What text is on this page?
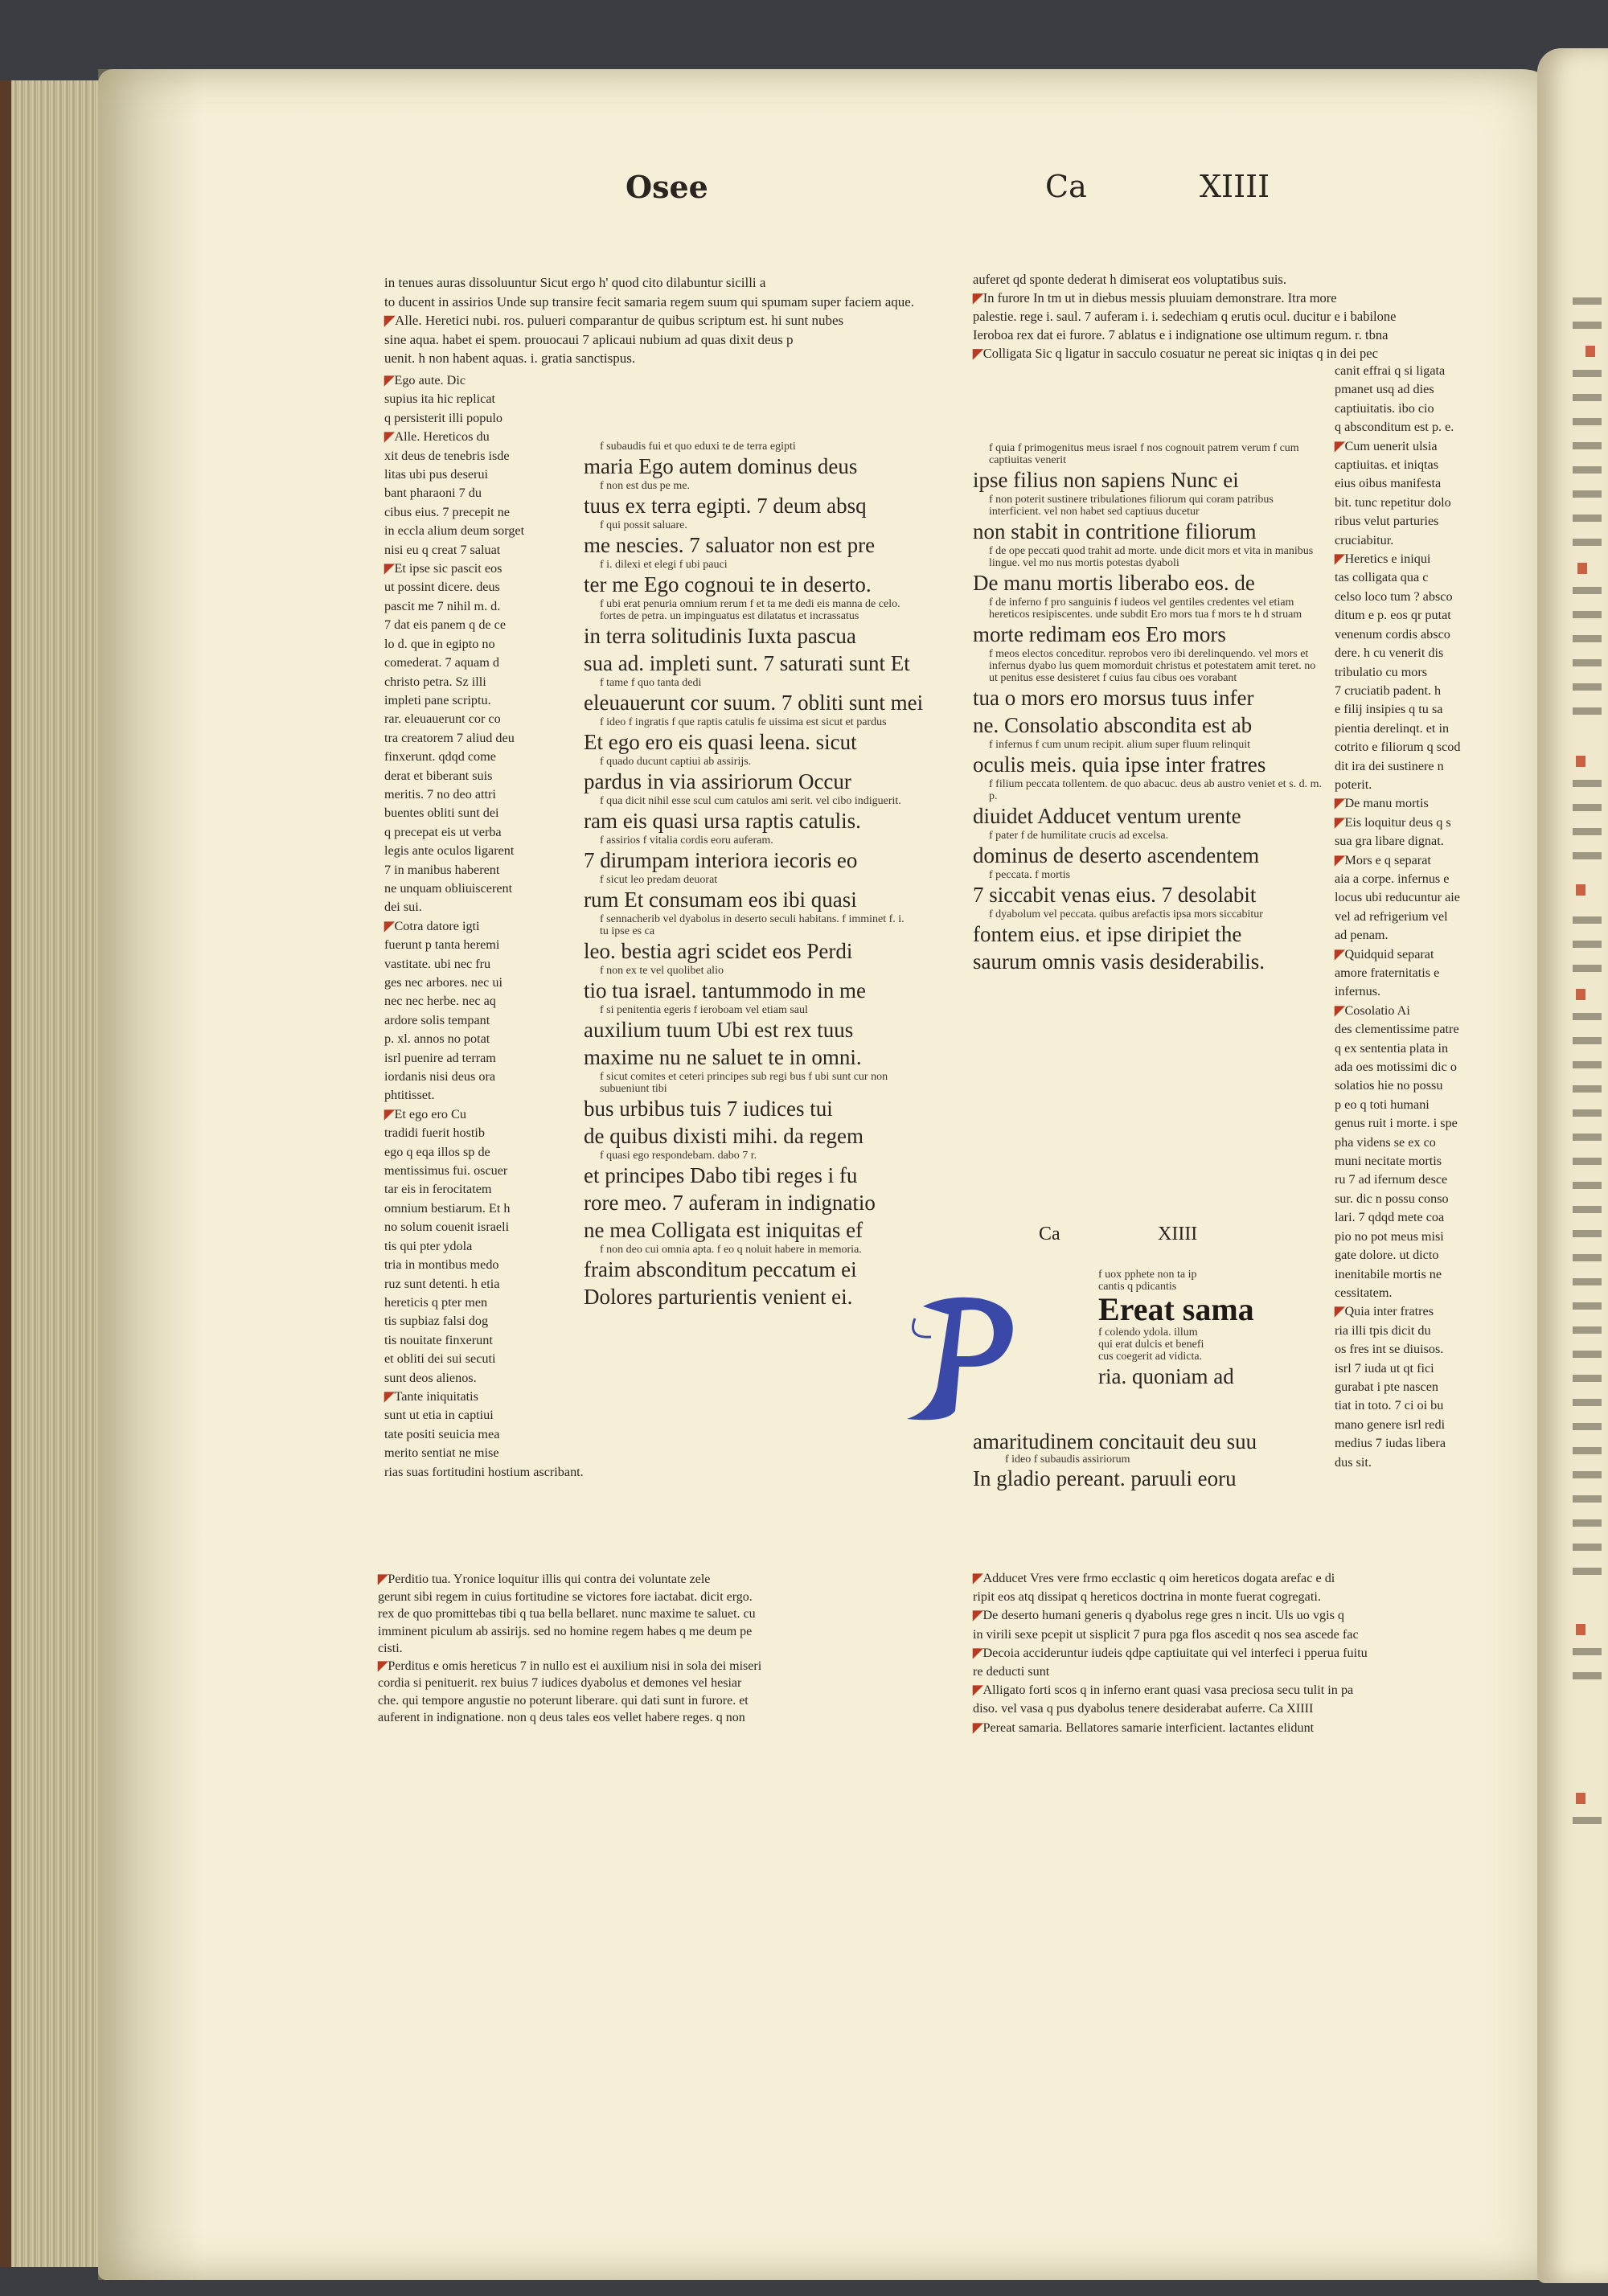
Osee	Ca	XIIII
in tenues auras dissoluuntur Sicut ergo h' quod cito dilabuntur sicilli a
to ducent in assirios Unde sup transire fecit samaria regem suum qui spumam super faciem aque.
◤Alle. Heretici nubi. ros. pulueri comparantur de quibus scriptum est. hi sunt nubes
sine aqua. habet ei spem. prouocaui 7 aplicaui nubium ad quas dixit deus p
uenit. h non habent aquas. i. gratia sanctispus.
◤Ego aute. Dic
supius ita hic replicat
q persisterit illi populo
◤Alle. Hereticos du
xit deus de tenebris isde
litas ubi pus deserui
bant pharaoni 7 du
cibus eius. 7 precepit ne
in eccla alium deum sorget
nisi eu q creat 7 saluat
◤Et ipse sic pascit eos
ut possint dicere. deus
pascit me 7 nihil m. d.
7 dat eis panem q de ce
lo d. que in egipto no
comederat. 7 aquam d
christo petra. Sz illi
impleti pane scriptu.
rar. eleuauerunt cor co
tra creatorem 7 aliud deu
finxerunt. qdqd come
derat et biberant suis
meritis. 7 no deo attri
buentes obliti sunt dei
q precepat eis ut verba
legis ante oculos ligarent
7 in manibus haberent
ne unquam obliuiscerent
dei sui.
◤Cotra datore igti
fuerunt p tanta heremi
vastitate. ubi nec fru
ges nec arbores. nec ui
nec nec herbe. nec aq
ardore solis tempant
p. xl. annos no potat
isrl puenire ad terram
iordanis nisi deus ora
phtitisset.
◤Et ego ero Cu
tradidi fuerit hostib
ego q eqa illos sp de
mentissimus fui. oscuer
tar eis in ferocitatem
omnium bestiarum. Et h
no solum couenit israeli
tis qui pter ydola
tria in montibus medo
ruz sunt detenti. h etia
hereticis q pter men
tis supbiaz falsi dog
tis nouitate finxerunt
et obliti dei sui secuti
sunt deos alienos.
◤Tante iniquitatis
sunt ut etia in captiui
tate positi seuicia mea
merito sentiat ne mise
rias suas fortitudini hostium ascribant.
◤Perditio tua. Yronice loquitur illis qui contra dei voluntate zele
gerunt sibi regem in cuius fortitudine se victores fore iactabat. dicit ergo.
rex de quo promittebas tibi q tua bella bellaret. nunc maxime te saluet. cu
imminent piculum ab assirijs. sed no homine regem habes q me deum pe
cisti.
◤Perditus e omis hereticus 7 in nullo est ei auxilium nisi in sola dei miseri
cordia si penituerit. rex buius 7 iudices dyabolus et demones vel hesiar
che. qui tempore angustie no poterunt liberare. qui dati sunt in furore. et
auferent in indignatione. non q deus tales eos vellet habere reges. q non
f subaudis fui et quo eduxi te de terra egipti
maria Ego autem dominus deus
f non est dus pe me.
tuus ex terra egipti. 7 deum absq
f qui possit saluare.
me nescies. 7 saluator non est pre
f i. dilexi et elegi f ubi pauci
ter me Ego cognoui te in deserto.
f ubi erat penuria omnium rerum f et ta me dedi eis manna de celo. fortes de petra. un impinguatus est dilatatus et incrassatus
in terra solitudinis Iuxta pascua
sua ad. impleti sunt. 7 saturati sunt Et
f tame f quo tanta dedi
eleuauerunt cor suum. 7 obliti sunt mei
f ideo f ingratis f que raptis catulis fe uissima est sicut et pardus
Et ego ero eis quasi leena. sicut
f quado ducunt captiui ab assirijs.
pardus in via assiriorum Occur
f qua dicit nihil esse scul cum catulos ami serit. vel cibo indiguerit.
ram eis quasi ursa raptis catulis.
f assirios f vitalia cordis eoru auferam.
7 dirumpam interiora iecoris eo
f sicut leo predam deuorat
rum Et consumam eos ibi quasi
f sennacherib vel dyabolus in deserto seculi habitans. f imminet f. i. tu ipse es ca
leo. bestia agri scidet eos Perdi
f non ex te vel quolibet alio
tio tua israel. tantummodo in me
f si penitentia egeris f ieroboam vel etiam saul
auxilium tuum Ubi est rex tuus
maxime nu ne saluet te in omni.
f sicut comites et ceteri principes sub regi bus f ubi sunt cur non subueniunt tibi
bus urbibus tuis 7 iudices tui
de quibus dixisti mihi. da regem
f quasi ego respondebam. dabo 7 r.
et principes Dabo tibi reges i fu
rore meo. 7 auferam in indignatio
ne mea Colligata est iniquitas ef
f non deo cui omnia apta. f eo q noluit habere in memoria.
fraim absconditum peccatum ei
Dolores parturientis venient ei.
auferet qd sponte dederat h dimiserat eos voluptatibus suis.
◤In furore In tm ut in diebus messis pluuiam demonstrare. Itra more
palestie. rege i. saul. 7 auferam i. i. sedechiam q erutis ocul. ducitur e i babilone
Ieroboa rex dat ei furore. 7 ablatus e i indignatione ose ultimum regum. r. tbna
◤Colligata Sic q ligatur in sacculo cosuatur ne pereat sic iniqtas q in dei pec
canit effrai q si ligata
pmanet usq ad dies
captiuitatis. ibo cio
q absconditum est p. e.
◤Cum uenerit ulsia
captiuitas. et iniqtas
eius oibus manifesta
bit. tunc repetitur dolo
ribus velut parturies
cruciabitur.
◤Heretics e iniqui
tas colligata qua c
celso loco tum ? absco
ditum e p. eos qr putat
venenum cordis absco
dere. h cu venerit dis
tribulatio cu mors
7 cruciatib padent. h
e filij insipies q tu sa
pientia derelinqt. et in
cotrito e filiorum q scod
dit ira dei sustinere n
poterit.
◤De manu mortis
◤Eis loquitur deus q s
sua gra libare dignat.
◤Mors e q separat
aia a corpe. infernus e
locus ubi reducuntur aie
vel ad refrigerium vel
ad penam.
◤Quidquid separat
amore fraternitatis e
infernus.
◤Cosolatio Ai
des clementissime patre
q ex sententia plata in
ada oes motissimi dic o
solatios hie no possu
p eo q toti humani
genus ruit i morte. i spe
pha videns se ex co
muni necitate mortis
ru 7 ad ifernum desce
sur. dic n possu conso
lari. 7 qdqd mete coa
pio no pot meus misi
gate dolore. ut dicto
inenitabile mortis ne
cessitatem.
◤Quia inter fratres
ria illi tpis dicit du
os fres int se diuisos.
isrl 7 iuda ut qt fici
gurabat i pte nascen
tiat in toto. 7 ci oi bu
mano genere isrl redi
medius 7 iudas libera
dus sit.
f quia f primogenitus meus israel f nos cognouit patrem verum f cum captiuitas venerit
ipse filius non sapiens Nunc ei
f non poterit sustinere tribulationes filiorum qui coram patribus interficient. vel non habet sed captiuus ducetur
non stabit in contritione filiorum
f de ope peccati quod trahit ad morte. unde dicit mors et vita in manibus lingue. vel mo nus mortis potestas dyaboli
De manu mortis liberabo eos. de
f de inferno f pro sanguinis f iudeos vel gentiles credentes vel etiam hereticos resipiscentes. unde subdit Ero mors tua f mors te h d struam
morte redimam eos Ero mors
f meos electos conceditur. reprobos vero ibi derelinquendo. vel mors et infernus dyabo lus quem momorduit christus et potestatem amit teret. no ut penitus esse desisteret f cuius fau cibus oes vorabant
tua o mors ero morsus tuus infer
ne. Consolatio abscondita est ab
f infernus f cum unum recipit. alium super fluum relinquit
oculis meis. quia ipse inter fratres
f filium peccata tollentem. de quo abacuc. deus ab austro veniet et s. d. m. p.
diuidet Adducet ventum urente
f pater f de humilitate crucis ad excelsa.
dominus de deserto ascendentem
f peccata. f mortis
7 siccabit venas eius. 7 desolabit
f dyabolum vel peccata. quibus arefactis ipsa mors siccabitur
fontem eius. et ipse diripiet the
saurum omnis vasis desiderabilis.
Ca	XIIII
f uox pphete non ta ip
cantis q pdicantis
Ereat sama
f colendo ydola. illum
qui erat dulcis et benefi
cus coegerit ad vidicta.
ria. quoniam ad
amaritudinem concitauit deu suu
f ideo f subaudis assiriorum
In gladio pereant. paruuli eoru
◤Adducet Vres vere frmo ecclastic q oim hereticos dogata arefac e di
ripit eos atq dissipat q hereticos doctrina in monte fuerat cogregati.
◤De deserto humani generis q dyabolus rege gres n incit. Uls uo vgis q
in virili sexe pcepit ut sisplicit 7 pura pga flos ascedit q nos sea ascede fac
◤Decoia accideruntur iudeis qdpe captiuitate qui vel interfeci i pperua fuitu
re deducti sunt
◤Alligato forti scos q in inferno erant quasi vasa preciosa secu tulit in pa
diso. vel vasa q pus dyabolus tenere desiderabat auferre. Ca XIIII
◤Pereat samaria. Bellatores samarie interficient. lactantes elidunt
